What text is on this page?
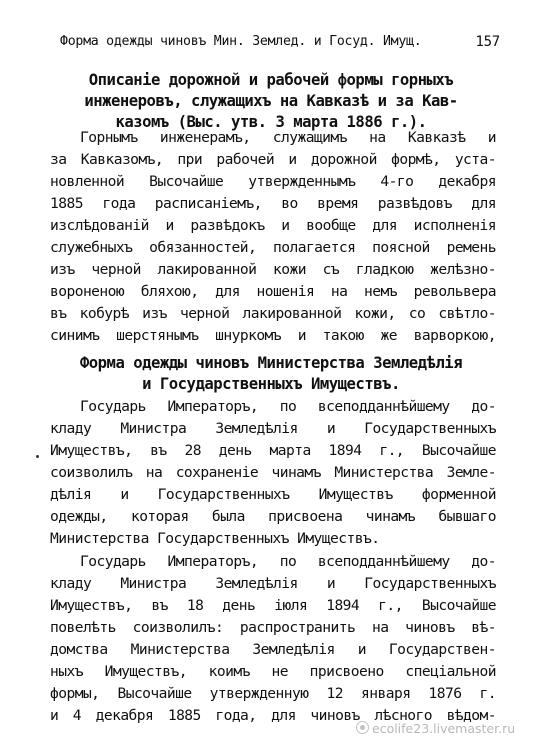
Форма одежды чиновъ Мин. Землед. и Госуд. Имущ.	157
Описаніе дорожной и рабочей формы горныхъ
инженеровъ, служащихъ на Кавказѣ и за Кав-
казомъ (Выс. утв. 3 марта 1886 г.).
Горнымъ инженерамъ, служащимъ на Кавказѣ и
за Кавказомъ, при рабочей и дорожной формѣ, уста-
новленной Высочайше утвержденнымъ 4-го декабря
1885 года расписаніемъ, во время развѣдовъ для
изслѣдованій и развѣдокъ и вообще для исполненія
служебныхъ обязанностей, полагается поясной ремень
изъ черной лакированной кожи съ гладкою желѣзно-
вороненою бляхою, для ношенія на немъ револьвера
въ кобурѣ изъ черной лакированной кожи, со свѣтло-
синимъ шерстянымъ шнуркомъ и такою же варворкою,
Форма одежды чиновъ Министерства Земледѣлія
и Государственныхъ Имуществъ.
Государь Императоръ, по всеподданнѣйшему до-
кладу Министра Земледѣлія и Государственныхъ
Имуществъ, въ 28 день марта 1894 г., Высочайше
соизволилъ на сохраненіе чинамъ Министерства Земле-
дѣлія и Государственныхъ Имуществъ форменной
одежды, которая была присвоена чинамъ бывшаго
Министерства Государственныхъ Имуществъ.
Государь Императоръ, по всеподданнѣйшему до-
кладу Министра Земледѣлія и Государственныхъ
Имуществъ, въ 18 день іюля 1894 г., Высочайше
повелѣть соизволилъ: распространить на чиновъ вѣ-
домства Министерства Земледѣлія и Государствен-
ныхъ Имуществъ, коимъ не присвоено спеціальной
формы, Высочайше утвержденную 12 января 1876 г.
и 4 декабря 1885 года, для чиновъ лѣсного вѣдом-
ecolife23.livemaster.ru
